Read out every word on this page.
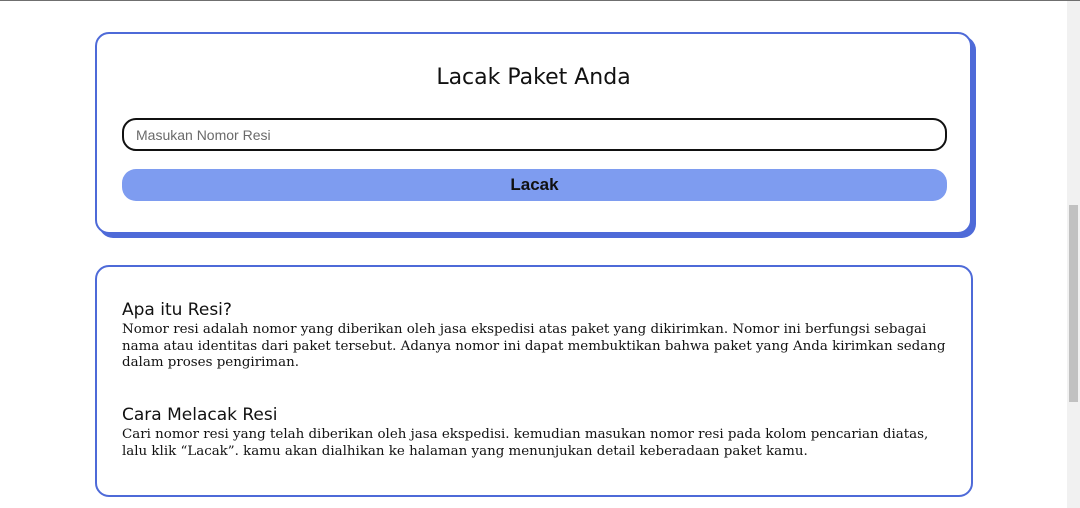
Lacak Paket Anda
Masukan Nomor Resi
Lacak
Apa itu Resi?

Nomor resi adalah nomor yang diberikan oleh jasa ekspedisi atas paket yang dikirimkan. Nomor ini berfungsi sebagai nama atau identitas dari paket tersebut. Adanya nomor ini dapat membuktikan bahwa paket yang Anda kirimkan sedang dalam proses pengiriman.

Cara Melacak Resi

Cari nomor resi yang telah diberikan oleh jasa ekspedisi. kemudian masukan nomor resi pada kolom pencarian diatas, lalu klik “Lacak”. kamu akan dialhikan ke halaman yang menunjukan detail keberadaan paket kamu.
